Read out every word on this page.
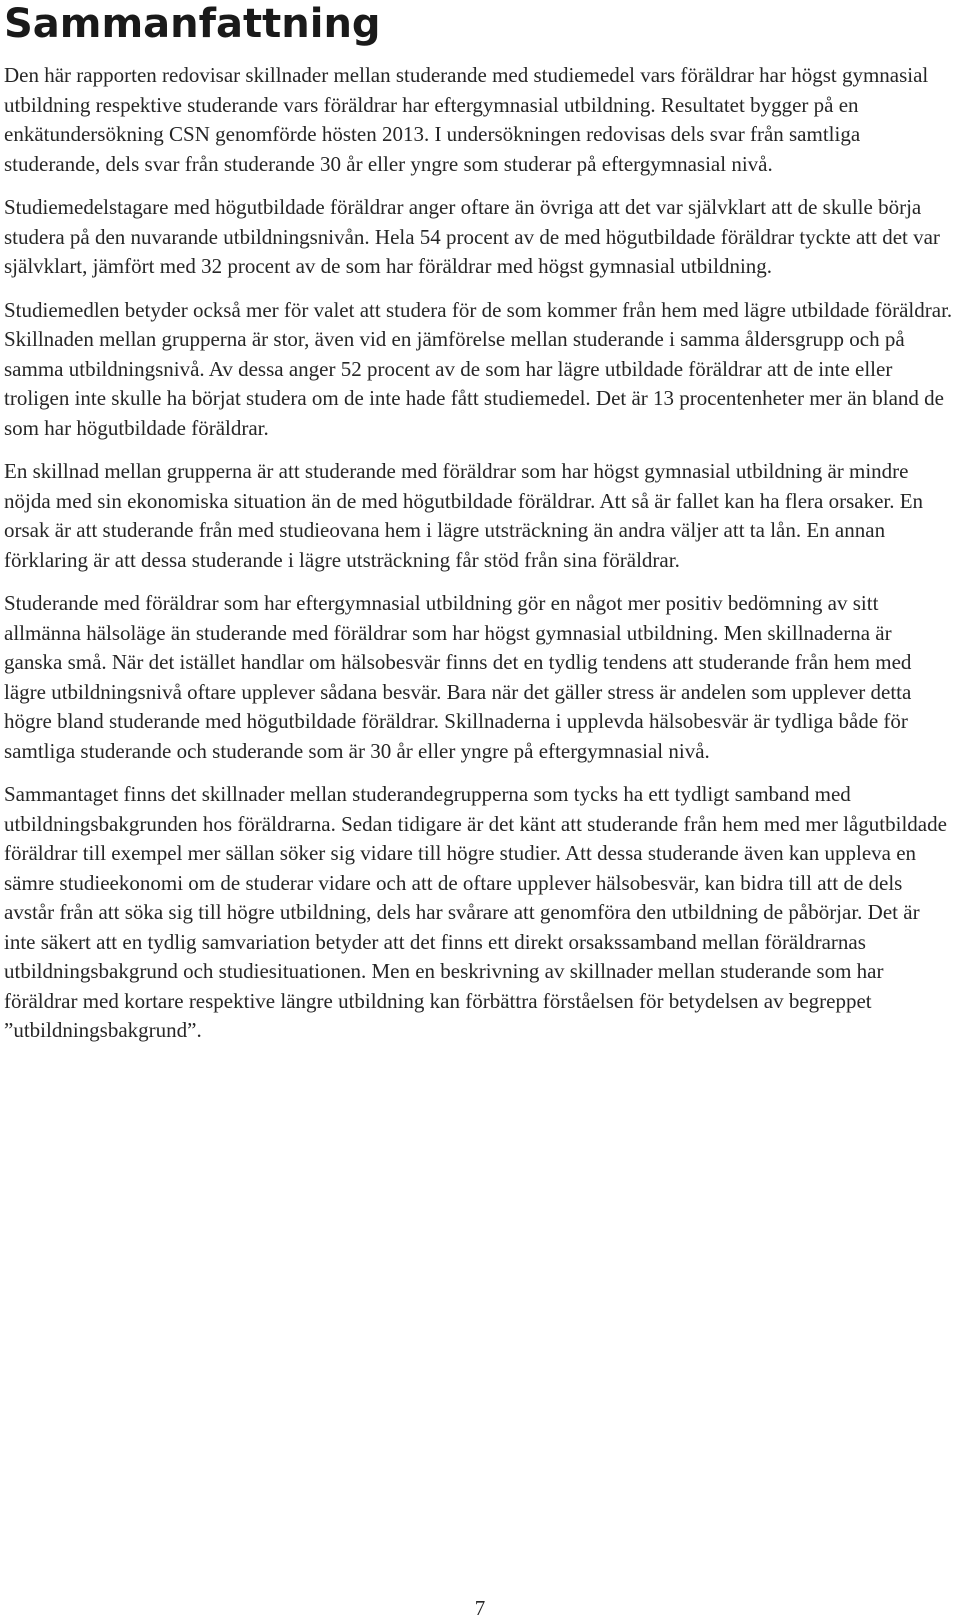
Sammanfattning

Den här rapporten redovisar skillnader mellan studerande med studiemedel vars föräldrar har högst gymnasial utbildning respektive studerande vars föräldrar har eftergymnasial utbildning. Resultatet bygger på en enkätundersökning CSN genomförde hösten 2013. I undersökningen redovisas dels svar från samtliga studerande, dels svar från studerande 30 år eller yngre som studerar på eftergymnasial nivå.

Studiemedelstagare med högutbildade föräldrar anger oftare än övriga att det var självklart att de skulle börja studera på den nuvarande utbildningsnivån. Hela 54 procent av de med högutbildade föräldrar tyckte att det var självklart, jämfört med 32 procent av de som har föräldrar med högst gymnasial utbildning.

Studiemedlen betyder också mer för valet att studera för de som kommer från hem med lägre utbildade föräldrar. Skillnaden mellan grupperna är stor, även vid en jämförelse mellan studerande i samma åldersgrupp och på samma utbildningsnivå. Av dessa anger 52 procent av de som har lägre utbildade föräldrar att de inte eller troligen inte skulle ha börjat studera om de inte hade fått studiemedel. Det är 13 procentenheter mer än bland de som har högutbildade föräldrar.

En skillnad mellan grupperna är att studerande med föräldrar som har högst gymnasial utbildning är mindre nöjda med sin ekonomiska situation än de med högutbildade föräldrar. Att så är fallet kan ha flera orsaker. En orsak är att studerande från med studieovana hem i lägre utsträckning än andra väljer att ta lån. En annan förklaring är att dessa studerande i lägre utsträckning får stöd från sina föräldrar.

Studerande med föräldrar som har eftergymnasial utbildning gör en något mer positiv bedömning av sitt allmänna hälsoläge än studerande med föräldrar som har högst gymnasial utbildning. Men skillnaderna är ganska små. När det istället handlar om hälsobesvär finns det en tydlig tendens att studerande från hem med lägre utbildningsnivå oftare upplever sådana besvär. Bara när det gäller stress är andelen som upplever detta högre bland studerande med högutbildade föräldrar. Skillnaderna i upplevda hälsobesvär är tydliga både för samtliga studerande och studerande som är 30 år eller yngre på eftergymnasial nivå.

Sammantaget finns det skillnader mellan studerandegrupperna som tycks ha ett tydligt samband med utbildningsbakgrunden hos föräldrarna. Sedan tidigare är det känt att studerande från hem med mer lågutbildade föräldrar till exempel mer sällan söker sig vidare till högre studier. Att dessa studerande även kan uppleva en sämre studieekonomi om de studerar vidare och att de oftare upplever hälsobesvär, kan bidra till att de dels avstår från att söka sig till högre utbildning, dels har svårare att genomföra den utbildning de påbörjar. Det är inte säkert att en tydlig samvariation betyder att det finns ett direkt orsakssamband mellan föräldrarnas utbildningsbakgrund och studiesituationen. Men en beskrivning av skillnader mellan studerande som har föräldrar med kortare respektive längre utbildning kan förbättra förståelsen för betydelsen av begreppet ”utbildningsbakgrund”.

7
